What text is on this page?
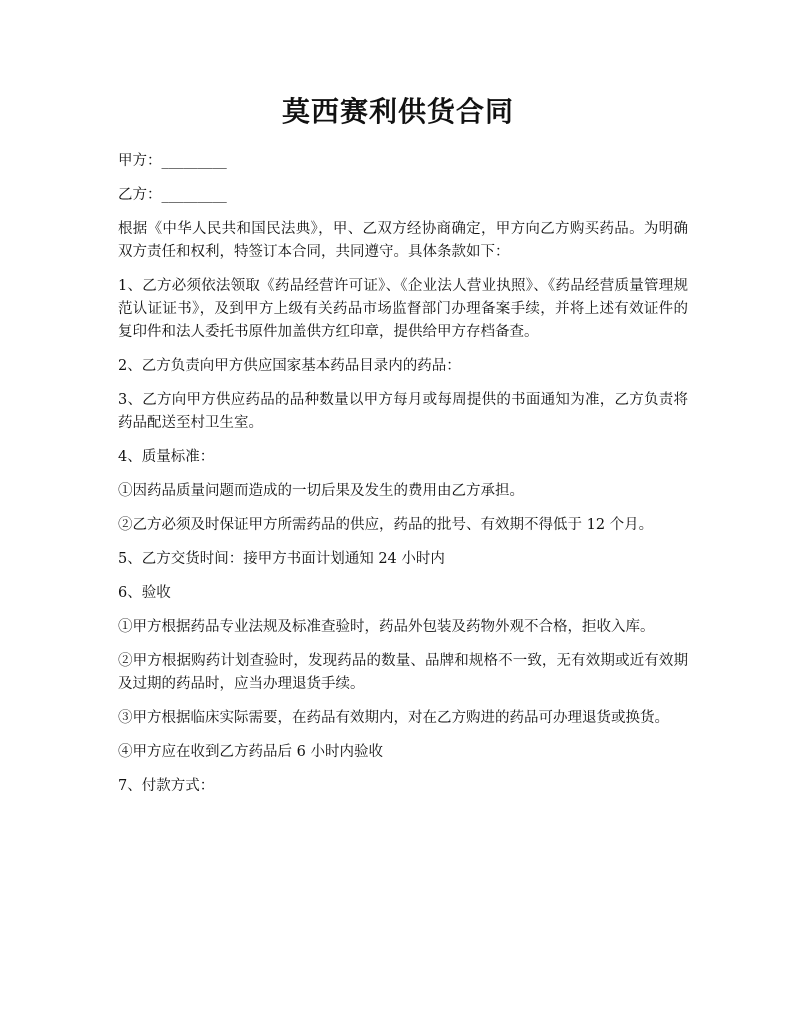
莫西赛利供货合同

甲方：_________

乙方：_________

根据《中华人民共和国民法典》，甲、乙双方经协商确定，甲方向乙方购买药品。为明确双方责任和权利，特签订本合同，共同遵守。具体条款如下：

1、乙方必须依法领取《药品经营许可证》、《企业法人营业执照》、《药品经营质量管理规范认证证书》，及到甲方上级有关药品市场监督部门办理备案手续，并将上述有效证件的复印件和法人委托书原件加盖供方红印章，提供给甲方存档备查。

2、乙方负责向甲方供应国家基本药品目录内的药品：

3、乙方向甲方供应药品的品种数量以甲方每月或每周提供的书面通知为准，乙方负责将药品配送至村卫生室。

4、质量标准：

①因药品质量问题而造成的一切后果及发生的费用由乙方承担。

②乙方必须及时保证甲方所需药品的供应，药品的批号、有效期不得低于 12 个月。

5、乙方交货时间：接甲方书面计划通知 24 小时内

6、验收

①甲方根据药品专业法规及标准查验时，药品外包装及药物外观不合格，拒收入库。

②甲方根据购药计划查验时，发现药品的数量、品牌和规格不一致，无有效期或近有效期及过期的药品时，应当办理退货手续。

③甲方根据临床实际需要，在药品有效期内，对在乙方购进的药品可办理退货或换货。

④甲方应在收到乙方药品后 6 小时内验收

7、付款方式：
